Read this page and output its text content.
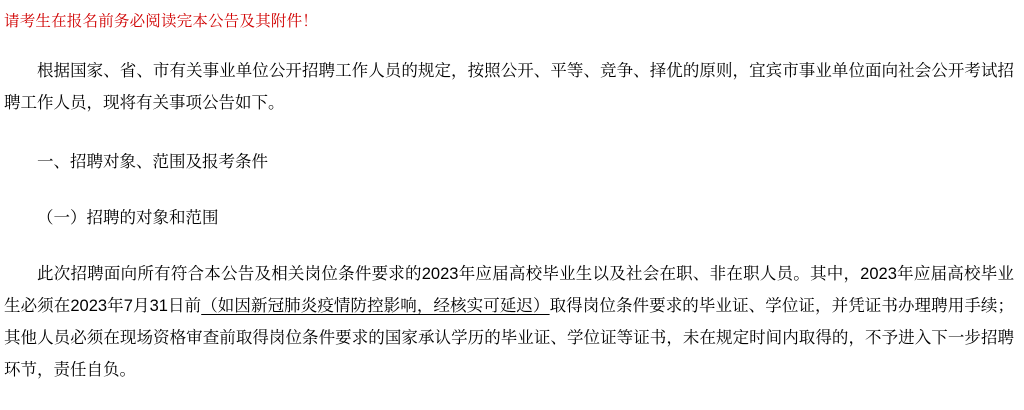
请考生在报名前务必阅读完本公告及其附件！

根据国家、省、市有关事业单位公开招聘工作人员的规定，按照公开、平等、竞争、择优的原则，宜宾市事业单位面向社会公开考试招聘工作人员，现将有关事项公告如下。

一、招聘对象、范围及报考条件

（一）招聘的对象和范围

此次招聘面向所有符合本公告及相关岗位条件要求的2023年应届高校毕业生以及社会在职、非在职人员。其中，2023年应届高校毕业生必须在2023年7月31日前（如因新冠肺炎疫情防控影响，经核实可延迟）取得岗位条件要求的毕业证、学位证，并凭证书办理聘用手续；其他人员必须在现场资格审查前取得岗位条件要求的国家承认学历的毕业证、学位证等证书，未在规定时间内取得的，不予进入下一步招聘环节，责任自负。
